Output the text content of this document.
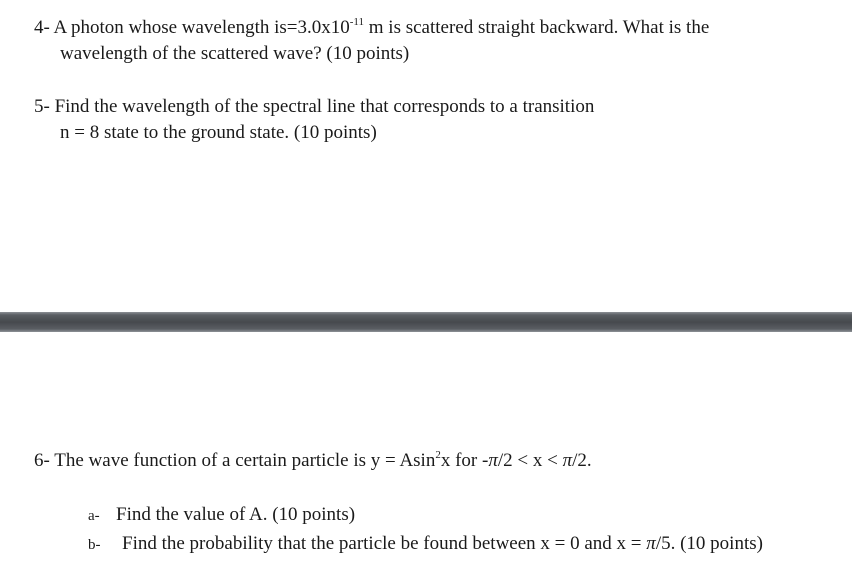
4- A photon whose wavelength $is=3.0x10^{-11}$ m is scattered straight backward. What is the
wavelength of the scattered wave? (10 points)
5- Find the wavelength of the spectral line that corresponds to a transition
n = 8 state to the ground state. (10 points)
6- The wave function of a certain particle is y = Asin$^2$x for -π/2 < x < π/2.
a- Find the value of A. (10 points)
b- Find the probability that the particle be found between x = 0 and x = π/5. (10 points)
